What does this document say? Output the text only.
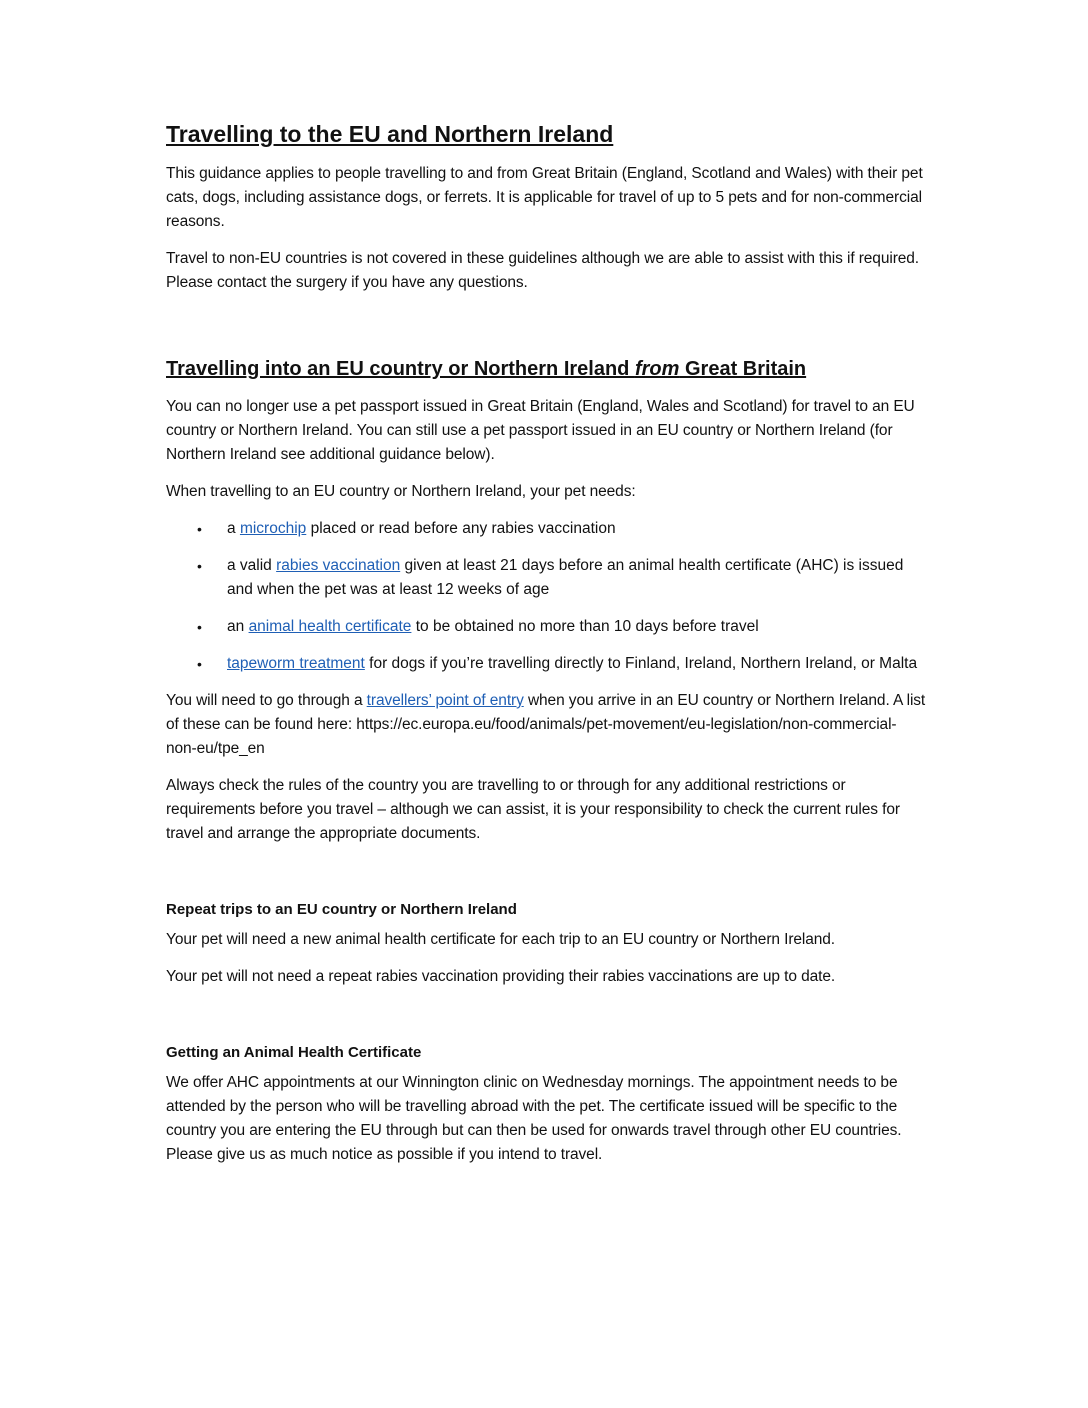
Travelling to the EU and Northern Ireland

This guidance applies to people travelling to and from Great Britain (England, Scotland and Wales) with their pet cats, dogs, including assistance dogs, or ferrets. It is applicable for travel of up to 5 pets and for non-commercial reasons.

Travel to non-EU countries is not covered in these guidelines although we are able to assist with this if required. Please contact the surgery if you have any questions.

Travelling into an EU country or Northern Ireland from Great Britain

You can no longer use a pet passport issued in Great Britain (England, Wales and Scotland) for travel to an EU country or Northern Ireland. You can still use a pet passport issued in an EU country or Northern Ireland (for Northern Ireland see additional guidance below).

When travelling to an EU country or Northern Ireland, your pet needs:

• a microchip placed or read before any rabies vaccination
• a valid rabies vaccination given at least 21 days before an animal health certificate (AHC) is issued and when the pet was at least 12 weeks of age
• an animal health certificate to be obtained no more than 10 days before travel
• tapeworm treatment for dogs if you’re travelling directly to Finland, Ireland, Northern Ireland, or Malta

You will need to go through a travellers’ point of entry when you arrive in an EU country or Northern Ireland. A list of these can be found here: https://ec.europa.eu/food/animals/pet-movement/eu-legislation/non-commercial-non-eu/tpe_en

Always check the rules of the country you are travelling to or through for any additional restrictions or requirements before you travel – although we can assist, it is your responsibility to check the current rules for travel and arrange the appropriate documents.

Repeat trips to an EU country or Northern Ireland

Your pet will need a new animal health certificate for each trip to an EU country or Northern Ireland.

Your pet will not need a repeat rabies vaccination providing their rabies vaccinations are up to date.

Getting an Animal Health Certificate

We offer AHC appointments at our Winnington clinic on Wednesday mornings. The appointment needs to be attended by the person who will be travelling abroad with the pet. The certificate issued will be specific to the country you are entering the EU through but can then be used for onwards travel through other EU countries. Please give us as much notice as possible if you intend to travel.
